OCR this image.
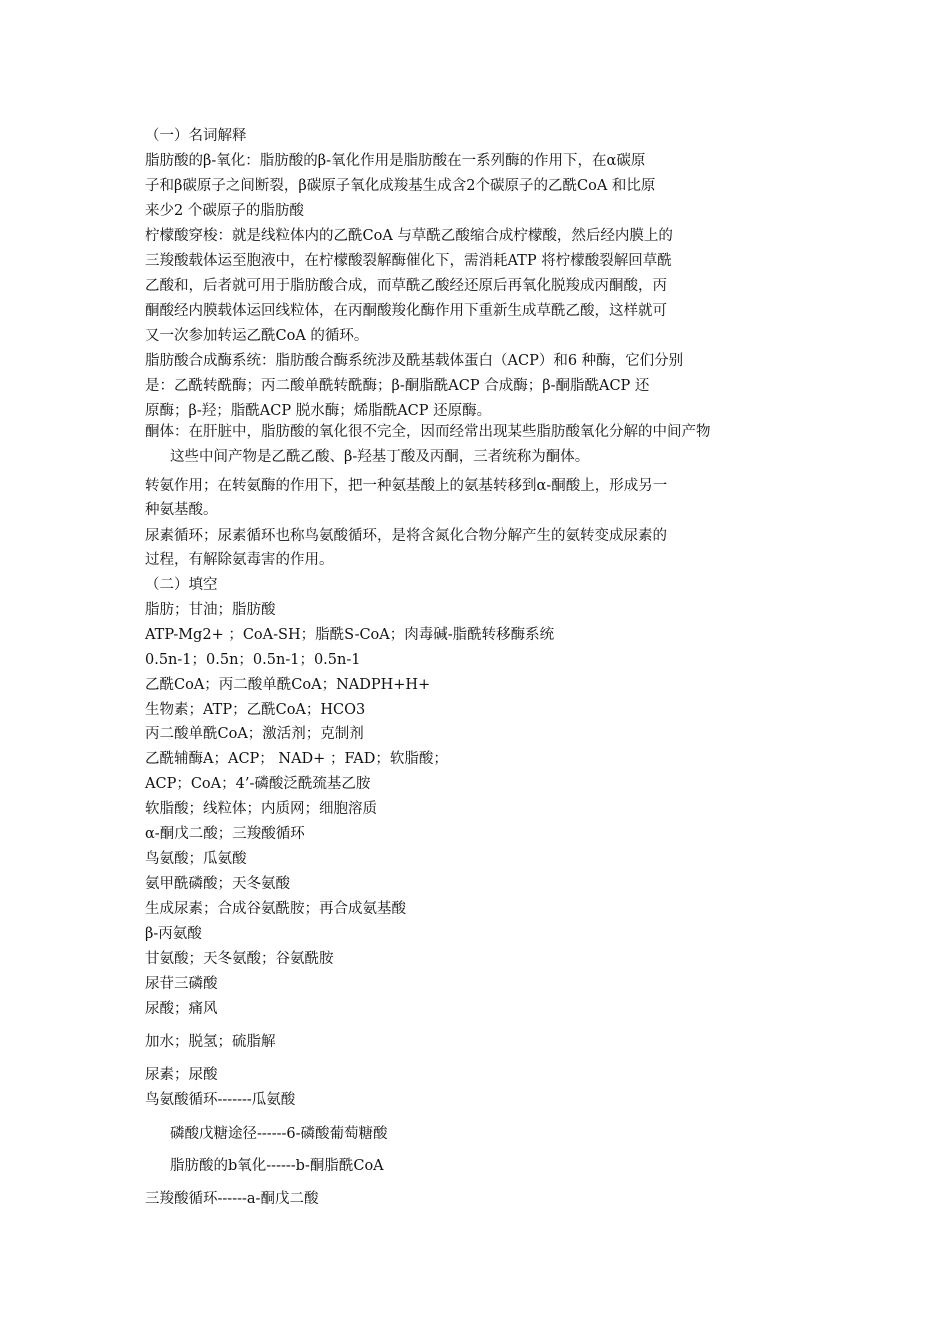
（一）名词解释
脂肪酸的β-氧化：脂肪酸的β-氧化作用是脂肪酸在一系列酶的作用下，在α碳原
子和β碳原子之间断裂，β碳原子氧化成羧基生成含2个碳原子的乙酰CoA 和比原
来少2 个碳原子的脂肪酸
柠檬酸穿梭：就是线粒体内的乙酰CoA 与草酰乙酸缩合成柠檬酸，然后经内膜上的
三羧酸载体运至胞液中，在柠檬酸裂解酶催化下，需消耗ATP 将柠檬酸裂解回草酰
乙酸和，后者就可用于脂肪酸合成，而草酰乙酸经还原后再氧化脱羧成丙酮酸，丙
酮酸经内膜载体运回线粒体，在丙酮酸羧化酶作用下重新生成草酰乙酸，这样就可
又一次参加转运乙酰CoA 的循环。
脂肪酸合成酶系统：脂肪酸合酶系统涉及酰基载体蛋白（ACP）和6 种酶，它们分别
是：乙酰转酰酶；丙二酸单酰转酰酶；β-酮脂酰ACP 合成酶；β-酮脂酰ACP 还
原酶；β-羟；脂酰ACP 脱水酶；烯脂酰ACP 还原酶。
酮体：在肝脏中，脂肪酸的氧化很不完全，因而经常出现某些脂肪酸氧化分解的中间产物
这些中间产物是乙酰乙酸、β-羟基丁酸及丙酮，三者统称为酮体。
转氨作用；在转氨酶的作用下，把一种氨基酸上的氨基转移到α-酮酸上，形成另一
种氨基酸。
尿素循环；尿素循环也称鸟氨酸循环，是将含氮化合物分解产生的氨转变成尿素的
过程，有解除氨毒害的作用。
（二）填空
脂肪；甘油；脂肪酸
ATP-Mg2+ ；CoA-SH；脂酰S-CoA；肉毒碱-脂酰转移酶系统
0.5n-1；0.5n；0.5n-1；0.5n-1
乙酰CoA；丙二酸单酰CoA；NADPH+H+
生物素；ATP；乙酰CoA；HCO3
丙二酸单酰CoA；激活剂；克制剂
乙酰辅酶A；ACP； NAD+ ；FAD；软脂酸；
ACP；CoA；4’-磷酸泛酰巯基乙胺
软脂酸；线粒体；内质网；细胞溶质
α-酮戊二酸；三羧酸循环
鸟氨酸；瓜氨酸
氨甲酰磷酸；天冬氨酸
生成尿素；合成谷氨酰胺；再合成氨基酸
β-丙氨酸
甘氨酸；天冬氨酸；谷氨酰胺
尿苷三磷酸
尿酸；痛风
加水；脱氢；硫脂解
尿素；尿酸
鸟氨酸循环-------瓜氨酸
磷酸戊糖途径------6-磷酸葡萄糖酸
脂肪酸的b氧化------b-酮脂酰CoA
三羧酸循环------a-酮戊二酸
